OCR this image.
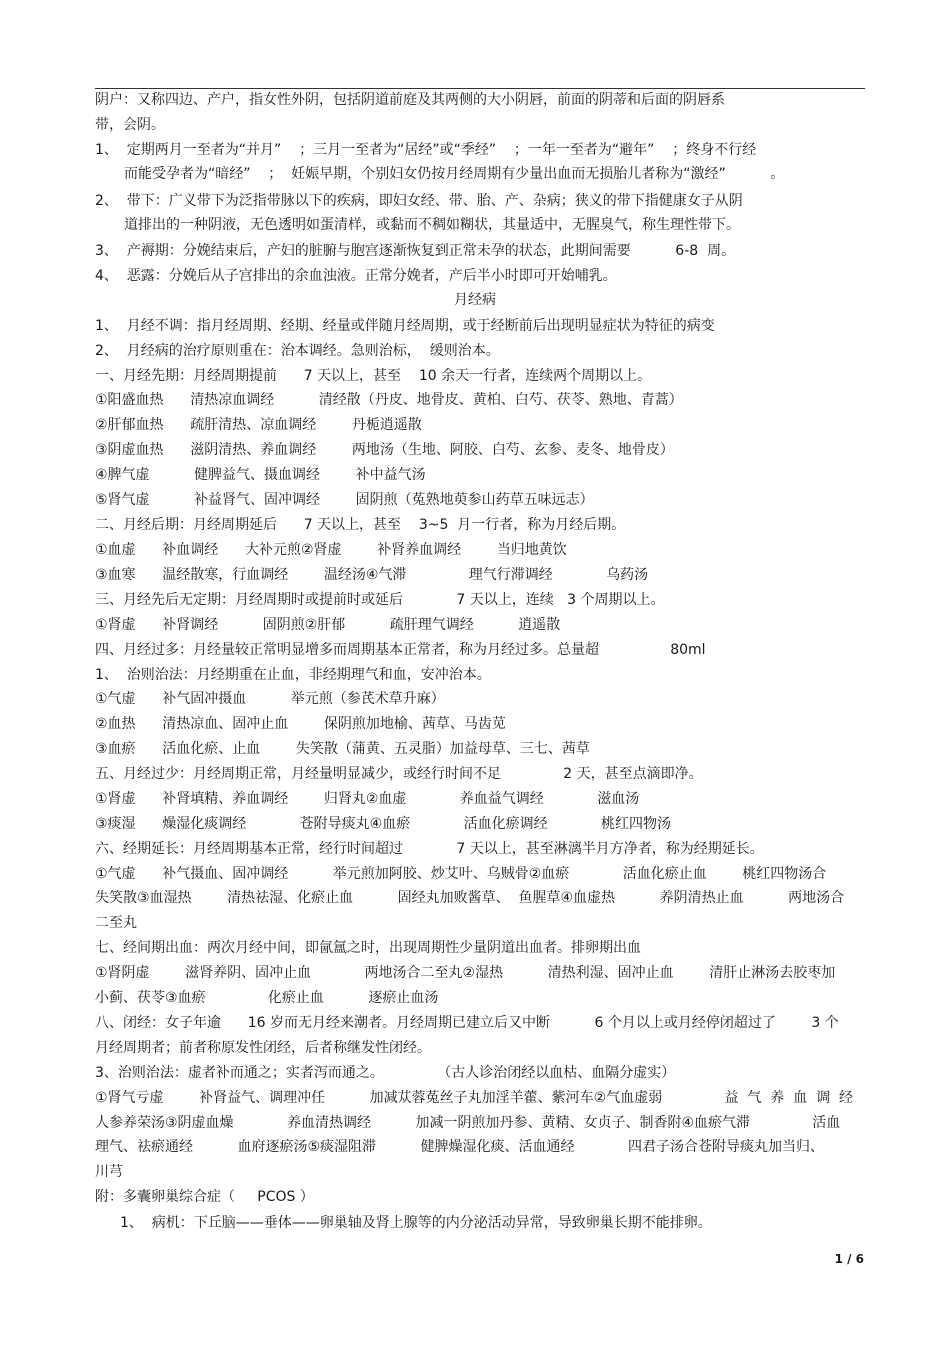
阴户：又称四边、产户，指女性外阴，包括阴道前庭及其两侧的大小阴唇，前面的阴蒂和后面的阴唇系
带，会阴。
1、  定期两月一至者为“并月”    ；三月一至者为“居经”或“季经”    ；一年一至者为“避年”    ；终身不行经
而能受孕者为“暗经”    ；  妊娠早期，个别妇女仍按月经周期有少量出血而无损胎儿者称为“激经”          。
2、  带下：广义带下为泛指带脉以下的疾病，即妇女经、带、胎、产、杂病；狭义的带下指健康女子从阴
道排出的一种阴液，无色透明如蛋清样，或黏而不稠如糊状，其量适中，无腥臭气，称生理性带下。
3、  产褥期：分娩结束后，产妇的脏腑与胞宫逐渐恢复到正常未孕的状态，此期间需要          6-8  周。
4、  恶露：分娩后从子宫排出的余血浊液。正常分娩者，产后半小时即可开始哺乳。
月经病
1、  月经不调：指月经周期、经期、经量或伴随月经周期，或于经断前后出现明显症状为特征的病变
2、  月经病的治疗原则重在：治本调经。急则治标，  缓则治本。
一、月经先期：月经周期提前      7 天以上，甚至    10 余天一行者，连续两个周期以上。
①阳盛血热      清热凉血调经          清经散（丹皮、地骨皮、黄柏、白芍、茯苓、熟地、青蒿）
②肝郁血热      疏肝清热、凉血调经        丹栀逍遥散
③阴虚血热      滋阴清热、养血调经        两地汤（生地、阿胶、白芍、玄参、麦冬、地骨皮）
④脾气虚          健脾益气、摄血调经        补中益气汤
⑤肾气虚          补益肾气、固冲调经        固阴煎（菟熟地萸参山药草五味远志）
二、月经后期：月经周期延后      7 天以上，甚至    3~5  月一行者，称为月经后期。
①血虚      补血调经      大补元煎②肾虚        补肾养血调经        当归地黄饮
③血寒      温经散寒，行血调经        温经汤④气滞              理气行滞调经            乌药汤
三、月经先后无定期：月经周期时或提前时或延后            7 天以上，连续   3 个周期以上。
①肾虚      补肾调经          固阴煎②肝郁          疏肝理气调经          逍遥散
四、月经过多：月经量较正常明显增多而周期基本正常者，称为月经过多。总量超                80ml
1、  治则治法：月经期重在止血，非经期理气和血，安冲治本。
①气虚      补气固冲摄血          举元煎（参芪术草升麻）
②血热      清热凉血、固冲止血        保阴煎加地榆、茜草、马齿苋
③血瘀      活血化瘀、止血        失笑散（蒲黄、五灵脂）加益母草、三七、茜草
五、月经过少：月经周期正常，月经量明显减少，或经行时间不足              2 天，甚至点滴即净。
①肾虚      补肾填精、养血调经        归肾丸②血虚            养血益气调经            滋血汤
③痰湿      燥湿化痰调经            苍附导痰丸④血瘀            活血化瘀调经            桃红四物汤
六、经期延长：月经周期基本正常，经行时间超过            7 天以上，甚至淋漓半月方净者，称为经期延长。
①气虚      补气摄血、固冲调经          举元煎加阿胶、炒艾叶、乌贼骨②血瘀            活血化瘀止血        桃红四物汤合
失笑散③血湿热        清热祛湿、化瘀止血          固经丸加败酱草、  鱼腥草④血虚热          养阴清热止血          两地汤合
二至丸
七、经间期出血：两次月经中间，即氤氲之时，出现周期性少量阴道出血者。排卵期出血
①肾阴虚        滋肾养阴、固冲止血            两地汤合二至丸②湿热          清热利湿、固冲止血        清肝止淋汤去胶枣加
小蓟、茯苓③血瘀              化瘀止血          逐瘀止血汤
八、闭经：女子年逾      16 岁而无月经来潮者。月经周期已建立后又中断          6 个月以上或月经停闭超过了        3 个
月经周期者；前者称原发性闭经，后者称继发性闭经。
3、治则治法：虚者补而通之；实者泻而通之。            （古人诊治闭经以血枯、血隔分虚实）
①肾气亏虚        补肾益气、调理冲任          加减苁蓉菟丝子丸加淫羊藿、紫河车②气血虚弱              益  气  养  血  调  经
人参养荣汤③阴虚血燥            养血清热调经          加减一阴煎加丹参、黄精、女贞子、制香附④血瘀气滞              活血
理气、祛瘀通经          血府逐瘀汤⑤痰湿阻滞          健脾燥湿化痰、活血通经            四君子汤合苍附导痰丸加当归、
川芎
附：多囊卵巢综合症（     PCOS ）
1、  病机：下丘脑——垂体——卵巢轴及肾上腺等的内分泌活动异常，导致卵巢长期不能排卵。
1 / 6
